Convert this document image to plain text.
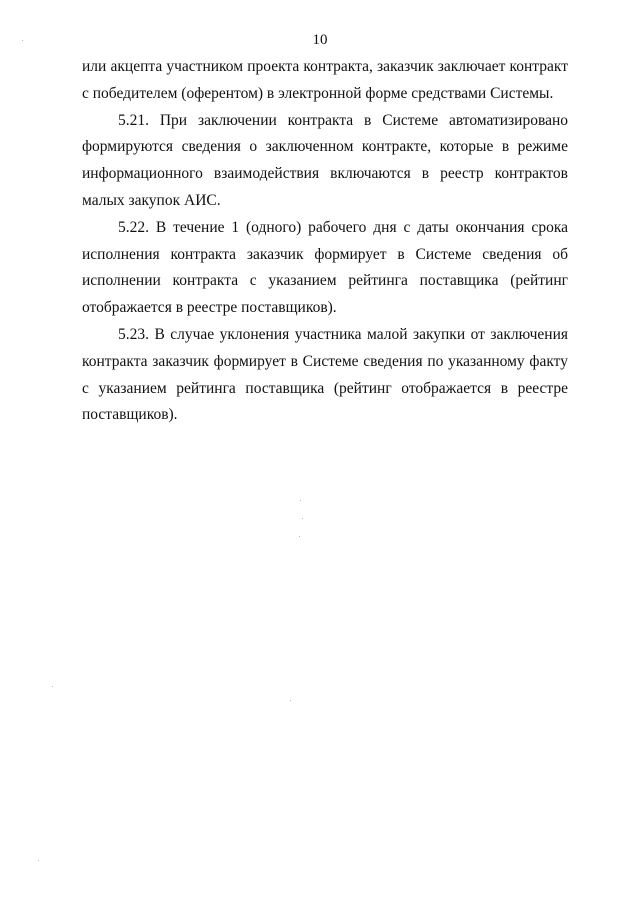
10

или акцепта участником проекта контракта, заказчик заключает контракт с победителем (оферентом) в электронной форме средствами Системы.

5.21. При заключении контракта в Системе автоматизировано формируются сведения о заключенном контракте, которые в режиме информационного взаимодействия включаются в реестр контрактов малых закупок АИС.

5.22. В течение 1 (одного) рабочего дня с даты окончания срока исполнения контракта заказчик формирует в Системе сведения об исполнении контракта с указанием рейтинга поставщика (рейтинг отображается в реестре поставщиков).

5.23. В случае уклонения участника малой закупки от заключения контракта заказчик формирует в Системе сведения по указанному факту с указанием рейтинга поставщика (рейтинг отображается в реестре поставщиков).
